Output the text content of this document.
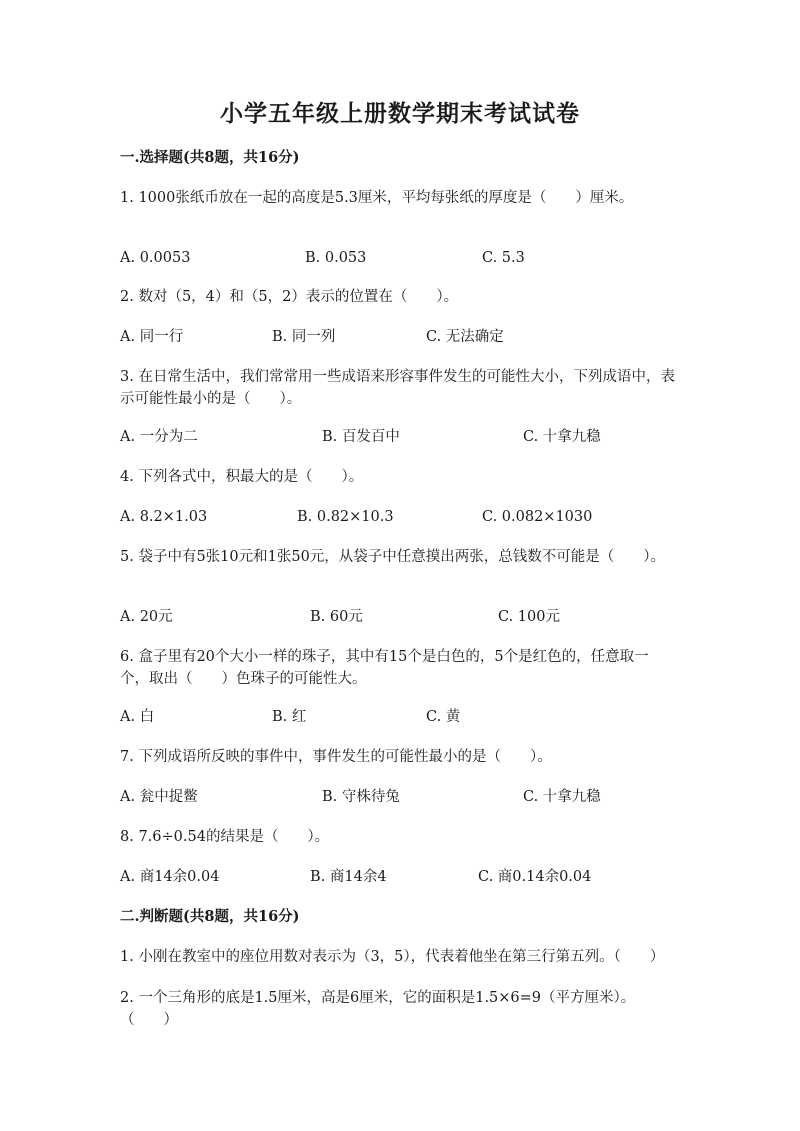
小学五年级上册数学期末考试试卷
一.选择题(共8题，共16分)
1. 1000张纸币放在一起的高度是5.3厘米，平均每张纸的厚度是（　　）厘米。
A. 0.0053	B. 0.053	C. 5.3
2. 数对（5，4）和（5，2）表示的位置在（　　）。
A. 同一行	B. 同一列	C. 无法确定
3. 在日常生活中，我们常常用一些成语来形容事件发生的可能性大小，下列成语中，表示可能性最小的是（　　）。
A. 一分为二	B. 百发百中	C. 十拿九稳
4. 下列各式中，积最大的是（　　）。
A. 8.2×1.03	B. 0.82×10.3	C. 0.082×1030
5. 袋子中有5张10元和1张50元，从袋子中任意摸出两张，总钱数不可能是（　　）。
A. 20元	B. 60元	C. 100元
6. 盒子里有20个大小一样的珠子，其中有15个是白色的，5个是红色的，任意取一个，取出（　　）色珠子的可能性大。
A. 白	B. 红	C. 黄
7. 下列成语所反映的事件中，事件发生的可能性最小的是（　　）。
A. 瓮中捉鳖	B. 守株待兔	C. 十拿九稳
8. 7.6÷0.54的结果是（　　）。
A. 商14余0.04	B. 商14余4	C. 商0.14余0.04
二.判断题(共8题，共16分)
1. 小刚在教室中的座位用数对表示为（3，5），代表着他坐在第三行第五列。（　　）
2. 一个三角形的底是1.5厘米，高是6厘米，它的面积是1.5×6=9（平方厘米）。（　　）
